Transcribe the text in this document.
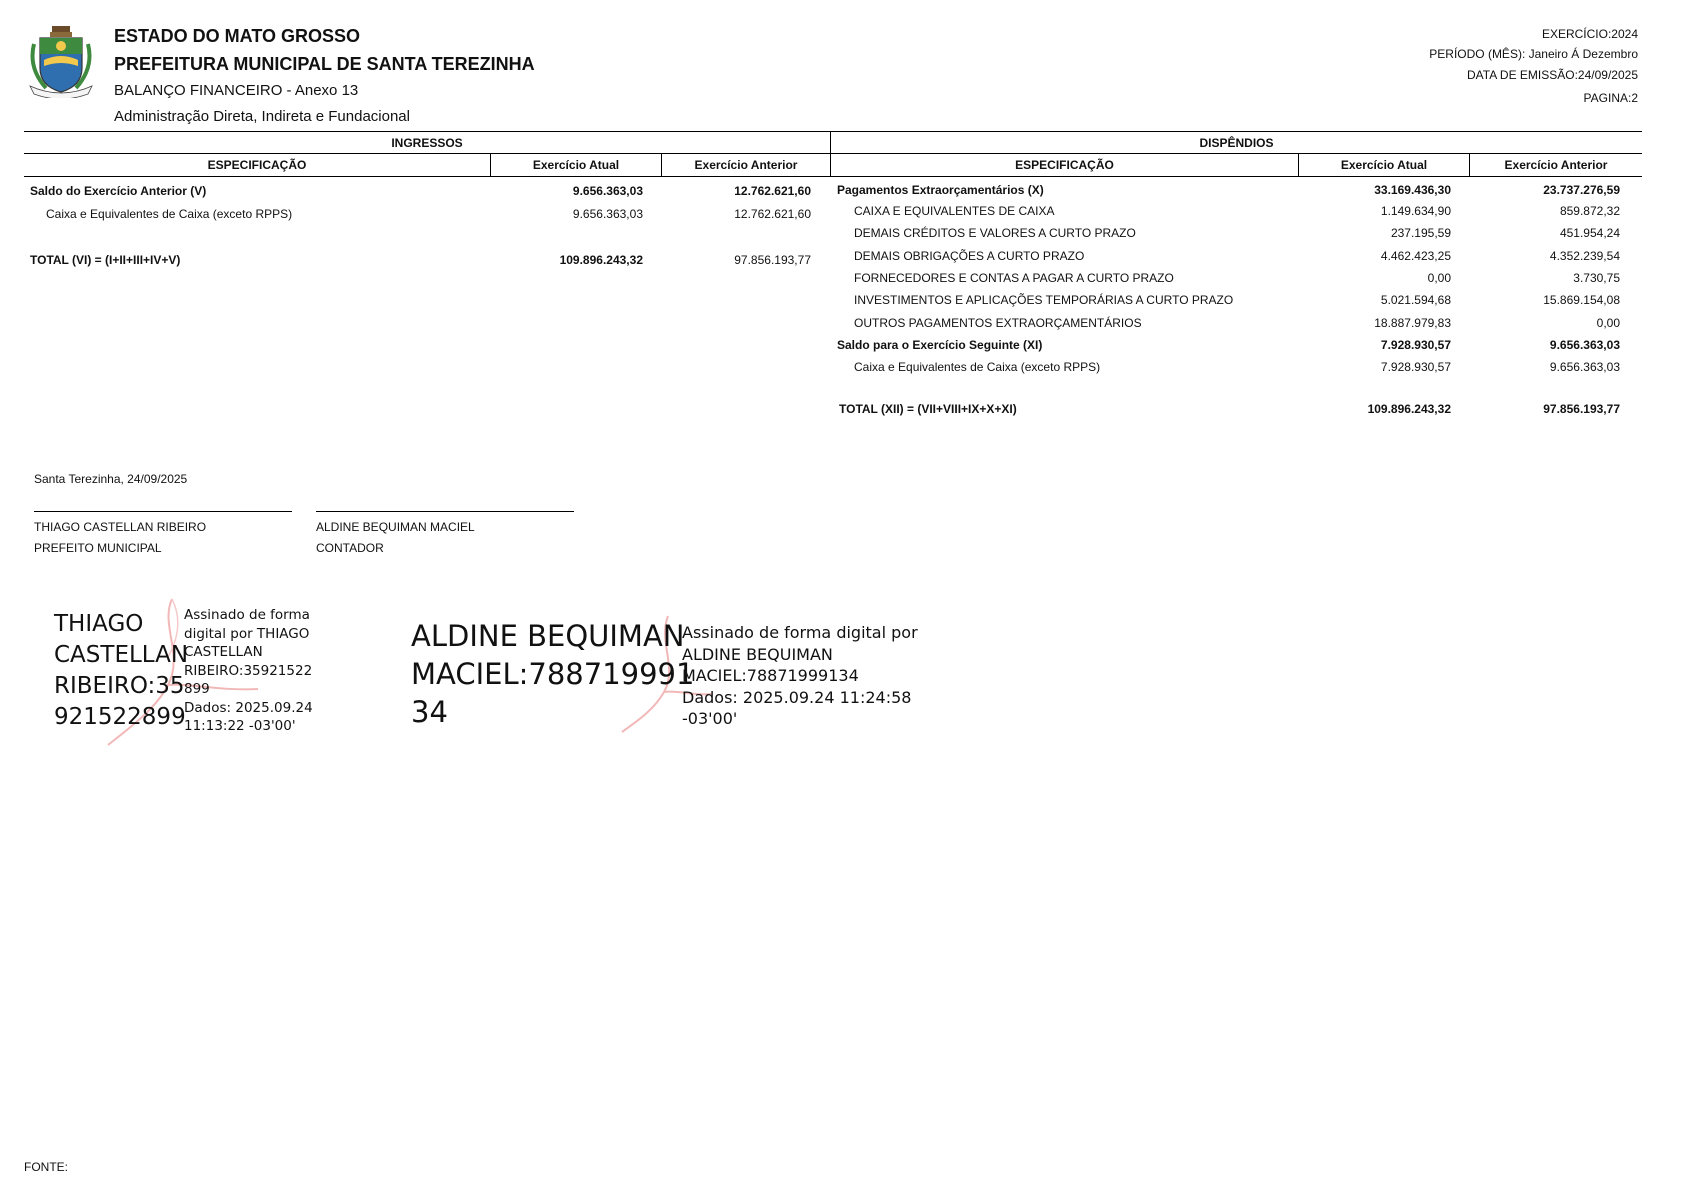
ESTADO DO MATO GROSSO
PREFEITURA MUNICIPAL DE SANTA TEREZINHA
BALANÇO FINANCEIRO - Anexo 13
Administração Direta, Indireta e Fundacional
EXERCÍCIO:2024
PERÍODO (MÊS): Janeiro Á Dezembro
DATA DE EMISSÃO:24/09/2025
PAGINA:2
INGRESSOS	DISPÊNDIOS
ESPECIFICAÇÃO	Exercício Atual	Exercício Anterior	ESPECIFICAÇÃO	Exercício Atual	Exercício Anterior
Saldo do Exercício Anterior (V)	9.656.363,03	12.762.621,60
Caixa e Equivalentes de Caixa (exceto RPPS)	9.656.363,03	12.762.621,60
TOTAL (VI) = (I+II+III+IV+V)	109.896.243,32	97.856.193,77
Pagamentos Extraorçamentários (X)	33.169.436,30	23.737.276,59
CAIXA E EQUIVALENTES DE CAIXA	1.149.634,90	859.872,32
DEMAIS CRÉDITOS E VALORES A CURTO PRAZO	237.195,59	451.954,24
DEMAIS OBRIGAÇÕES A CURTO PRAZO	4.462.423,25	4.352.239,54
FORNECEDORES E CONTAS A PAGAR A CURTO PRAZO	0,00	3.730,75
INVESTIMENTOS E APLICAÇÕES TEMPORÁRIAS A CURTO PRAZO	5.021.594,68	15.869.154,08
OUTROS PAGAMENTOS EXTRAORÇAMENTÁRIOS	18.887.979,83	0,00
Saldo para o Exercício Seguinte (XI)	7.928.930,57	9.656.363,03
Caixa e Equivalentes de Caixa (exceto RPPS)	7.928.930,57	9.656.363,03
TOTAL (XII) = (VII+VIII+IX+X+XI)	109.896.243,32	97.856.193,77
Santa Terezinha, 24/09/2025
THIAGO CASTELLAN RIBEIRO
PREFEITO MUNICIPAL
ALDINE BEQUIMAN MACIEL
CONTADOR
THIAGO
CASTELLAN
RIBEIRO:35
921522899
Assinado de forma
digital por THIAGO
CASTELLAN
RIBEIRO:35921522
899
Dados: 2025.09.24
11:13:22 -03'00'
ALDINE BEQUIMAN
MACIEL:788719991
34
Assinado de forma digital por
ALDINE BEQUIMAN
MACIEL:78871999134
Dados: 2025.09.24 11:24:58
-03'00'
FONTE:
